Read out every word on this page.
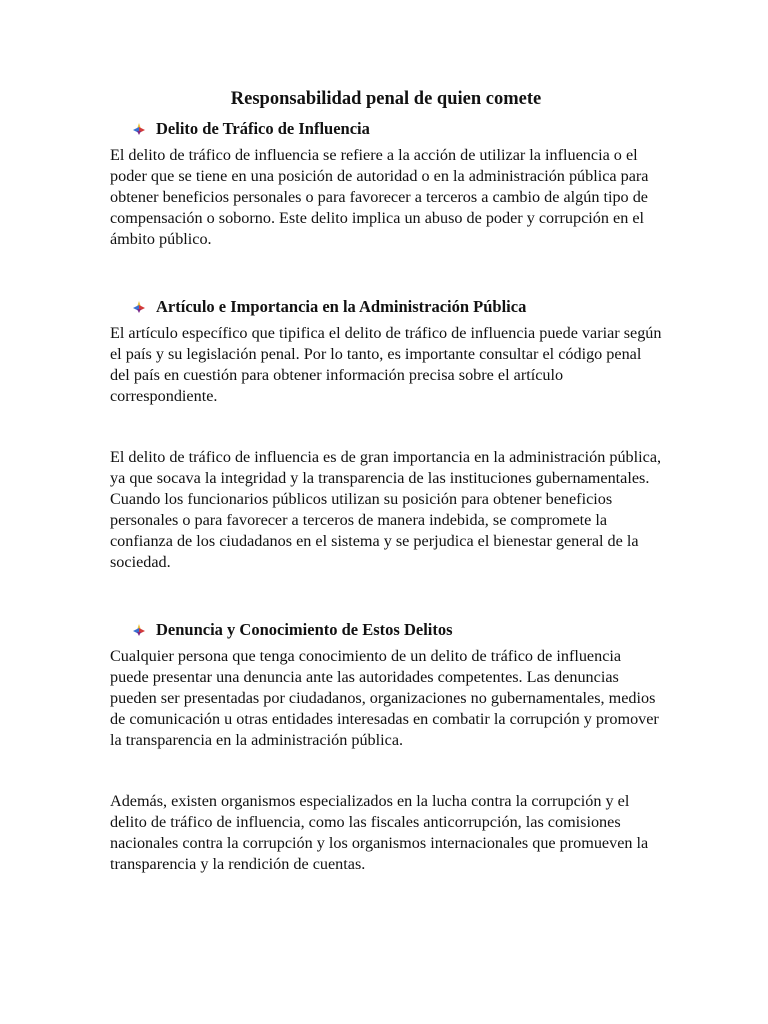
Responsabilidad penal de quien comete
Delito de Tráfico de Influencia

El delito de tráfico de influencia se refiere a la acción de utilizar la influencia o el poder que se tiene en una posición de autoridad o en la administración pública para obtener beneficios personales o para favorecer a terceros a cambio de algún tipo de compensación o soborno. Este delito implica un abuso de poder y corrupción en el ámbito público.

Artículo e Importancia en la Administración Pública

El artículo específico que tipifica el delito de tráfico de influencia puede variar según el país y su legislación penal. Por lo tanto, es importante consultar el código penal del país en cuestión para obtener información precisa sobre el artículo correspondiente.

El delito de tráfico de influencia es de gran importancia en la administración pública, ya que socava la integridad y la transparencia de las instituciones gubernamentales. Cuando los funcionarios públicos utilizan su posición para obtener beneficios personales o para favorecer a terceros de manera indebida, se compromete la confianza de los ciudadanos en el sistema y se perjudica el bienestar general de la sociedad.

Denuncia y Conocimiento de Estos Delitos

Cualquier persona que tenga conocimiento de un delito de tráfico de influencia puede presentar una denuncia ante las autoridades competentes. Las denuncias pueden ser presentadas por ciudadanos, organizaciones no gubernamentales, medios de comunicación u otras entidades interesadas en combatir la corrupción y promover la transparencia en la administración pública.

Además, existen organismos especializados en la lucha contra la corrupción y el delito de tráfico de influencia, como las fiscales anticorrupción, las comisiones nacionales contra la corrupción y los organismos internacionales que promueven la transparencia y la rendición de cuentas.
